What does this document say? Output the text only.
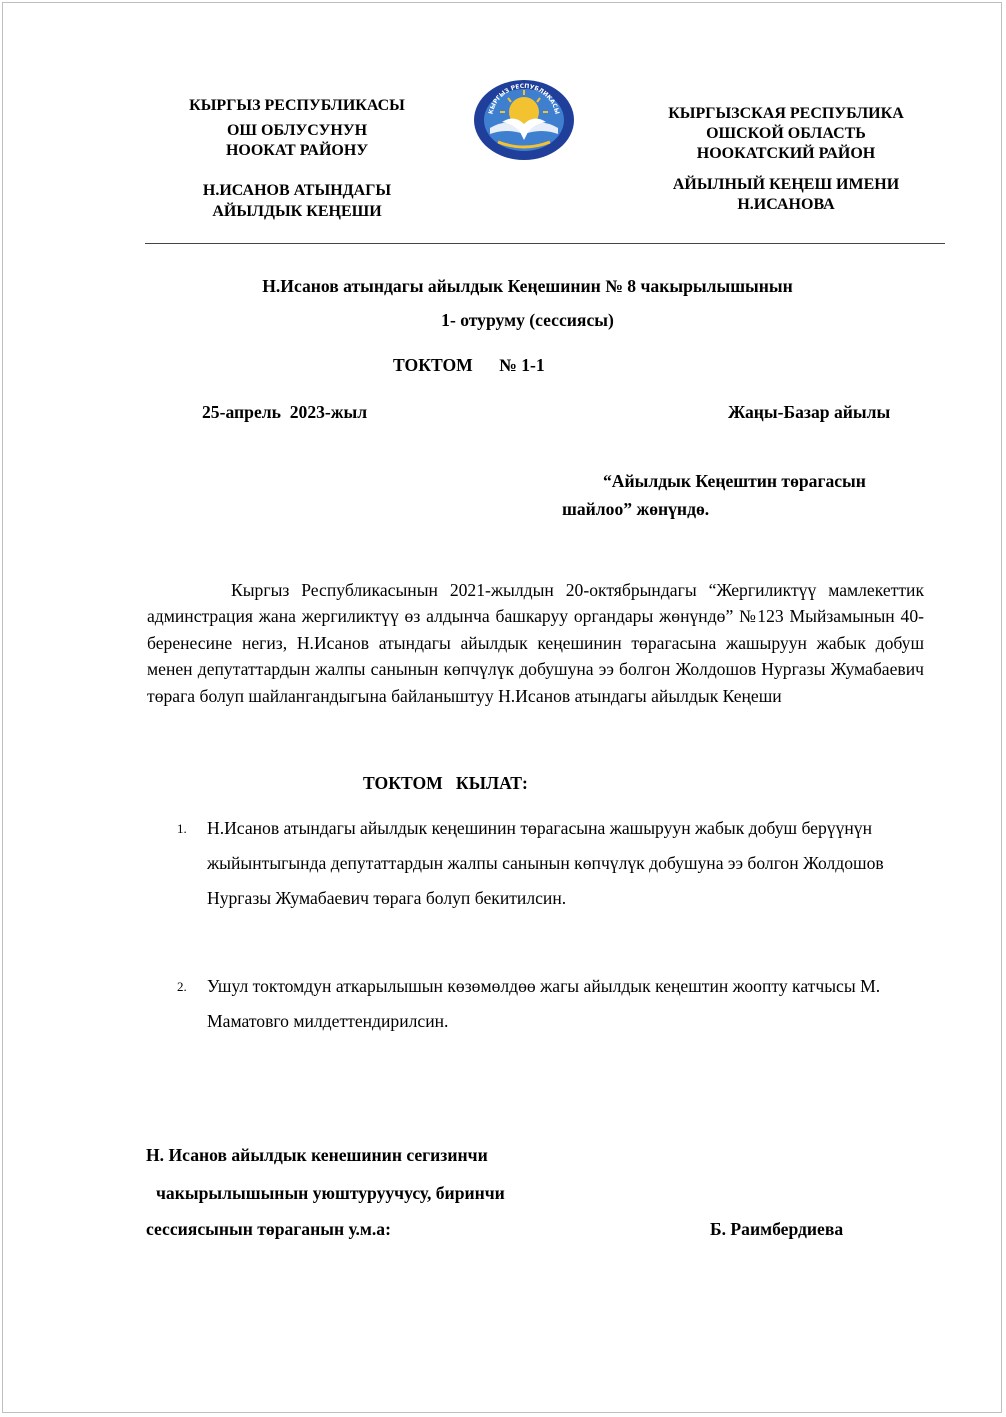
КЫРГЫЗ РЕСПУБЛИКАСЫ
ОШ ОБЛУСУНУН
НООКАТ РАЙОНУ
Н.ИСАНОВ АТЫНДАГЫ
АЙЫЛДЫК КЕҢЕШИ
КЫРГЫЗ РЕСПУБЛИКАСЫ	КЫРГЫЗСКАЯ РЕСПУБЛИКА
ОШСКОЙ ОБЛАСТЬ
НООКАТСКИЙ РАЙОН
АЙЫЛНЫЙ КЕҢЕШ ИМЕНИ
Н.ИСАНОВА
Н.Исанов атындагы айылдык Кеңешинин № 8 чакырылышынын
1- отуруму (сессиясы)
ТОКТОМ      № 1-1
25-апрель  2023-жыл	Жаңы-Базар айылы
“Айылдык Кеңештин төрагасын
шайлоо” жөнүндө.
Кыргыз Республикасынын 2021-жылдын 20-октябрындагы “Жергиликтүү мамлекеттик админстрация жана жергиликтүү өз алдынча башкаруу органдары жөнүндө” №123 Мыйзамынын 40-беренесине негиз, Н.Исанов атындагы айылдык кеңешинин төрагасына жашыруун жабык добуш менен депутаттардын жалпы санынын көпчүлүк добушуна ээ болгон Жолдошов Нургазы Жумабаевич төрага болуп шайлангандыгына байланыштуу Н.Исанов атындагы айылдык Кеңеши
ТОКТОМ   КЫЛАТ:
1. Н.Исанов атындагы айылдык кеңешинин төрагасына жашыруун жабык добуш берүүнүн жыйынтыгында депутаттардын жалпы санынын көпчүлүк добушуна ээ болгон Жолдошов Нургазы Жумабаевич төрага болуп бекитилсин.
2. Ушул токтомдун аткарылышын көзөмөлдөө жагы айылдык кеңештин жоопту катчысы М. Маматовго милдеттендирилсин.
Н. Исанов айылдык кенешинин сегизинчи
чакырылышынын уюштуруучусу, биринчи
сессиясынын төраганын у.м.а:	Б. Раимбердиева
